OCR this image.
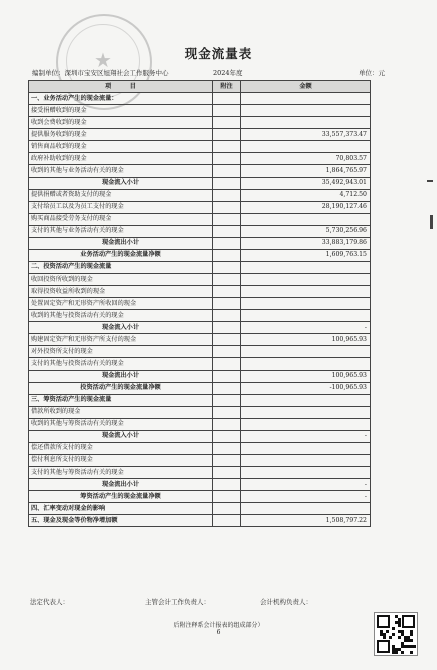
★	现金流量表
编制单位：深圳市宝安区旭翔社会工作服务中心	2024年度	单位：元
项　　　目	附注	金额
一、业务活动产生的现金流量：		
接受捐赠收到的现金		
收到会费收到的现金		
提供服务收到的现金		33,557,373.47
销售商品收到的现金		
政府补助收到的现金		70,803.57
收到的其他与业务活动有关的现金		1,864,765.97
现金流入小计		35,492,943.01
提供捐赠或者资助支付的现金		4,712.50
支付给员工以及为员工支付的现金		28,190,127.46
购买商品接受劳务支付的现金		
支付的其他与业务活动有关的现金		5,730,256.96
现金流出小计		33,883,179.86
业务活动产生的现金流量净额		1,609,763.15
二、投资活动产生的现金流量		
收回投资所收到的现金		
取得投资收益所收到的现金		
处置固定资产和无形资产所收回的现金		
收到的其他与投资活动有关的现金		
现金流入小计		-
购建固定资产和无形资产所支付的现金		100,965.93
对外投资所支付的现金		
支付的其他与投资活动有关的现金		
现金流出小计		100,965.93
投资活动产生的现金流量净额		-100,965.93
三、筹资活动产生的现金流量		
借款所收到的现金		
收到的其他与筹资活动有关的现金		
现金流入小计		-
偿还借款所支付的现金		
偿付利息所支付的现金		
支付的其他与筹资活动有关的现金		
现金流出小计		-
筹资活动产生的现金流量净额		-
四、汇率变动对现金的影响		
五、现金及现金等价物净增加额		1,508,797.22
法定代表人：	主管会计工作负责人：	会计机构负责人：
后附注释系会计报表的组成部分）
6
